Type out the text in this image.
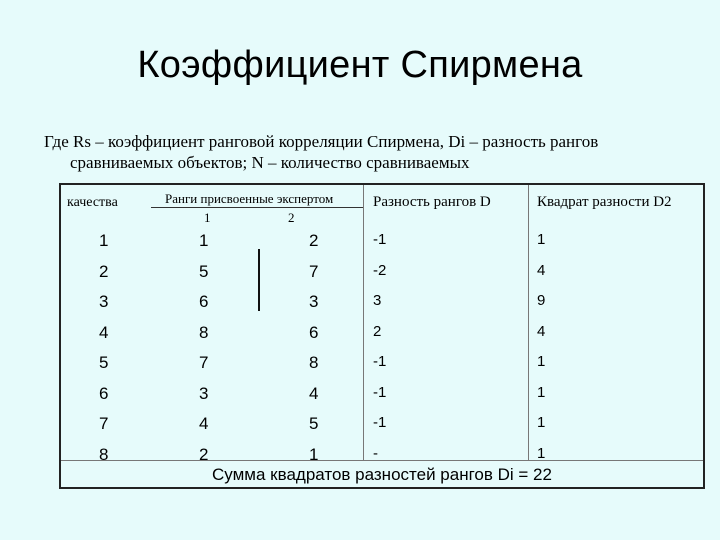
Коэффициент Спирмена
Где Rs – коэффициент ранговой корреляции Спирмена, Di – разность рангов
сравниваемых объектов; N – количество сравниваемых
качества	Ранги присвоенные экспертом
1	2
Разность рангов D	Квадрат разности D2
1	1	2	-1	1
2	5	7	-2	4
3	6	3	3	9
4	8	6	2	4
5	7	8	-1	1
6	3	4	-1	1
7	4	5	-1	1
8	2	1	-	1
Сумма квадратов разностей рангов Di = 22
